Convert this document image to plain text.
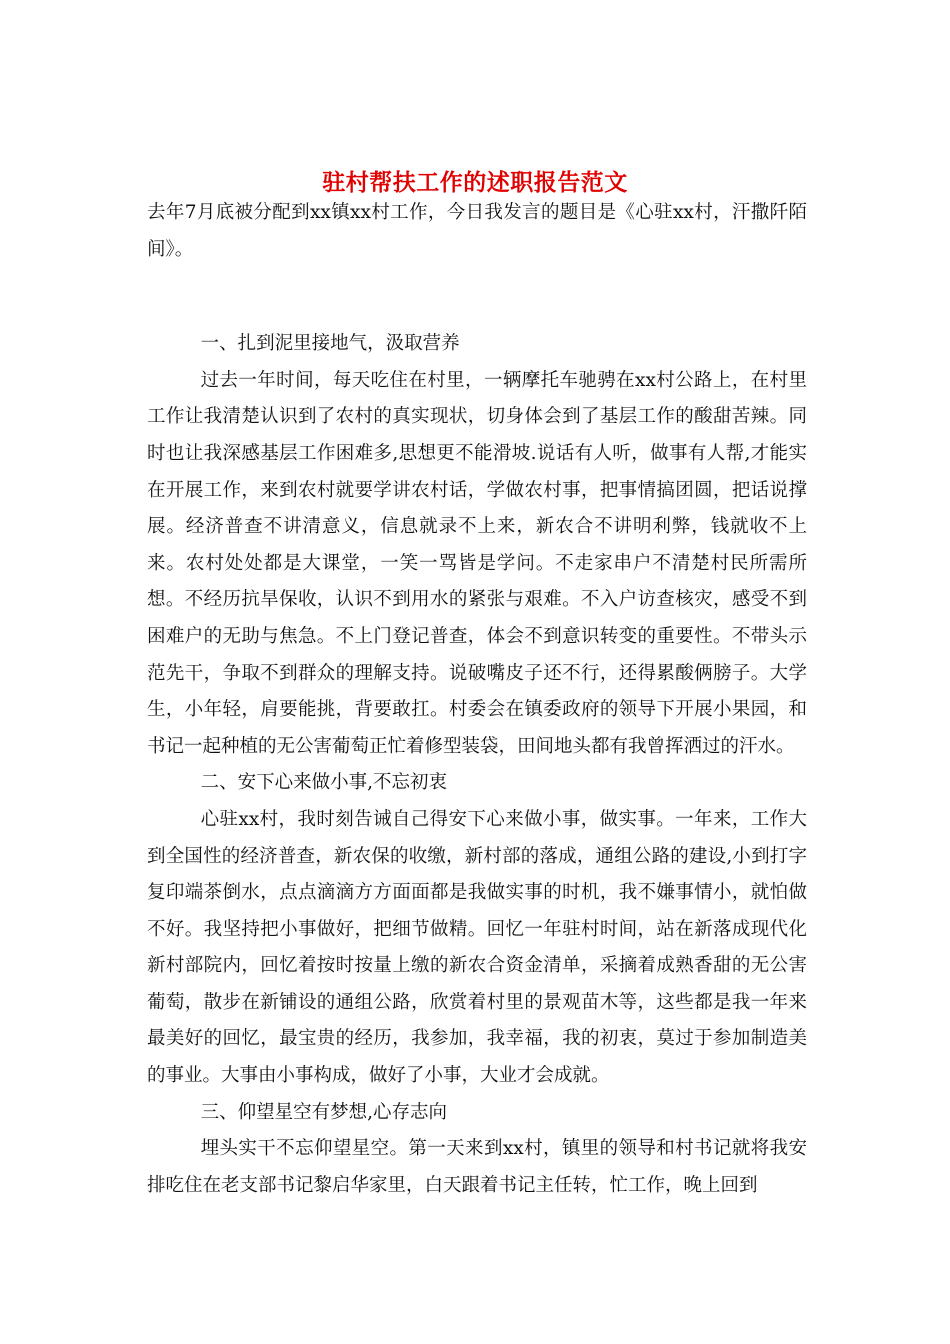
驻村帮扶工作的述职报告范文

去年7月底被分配到xx镇xx村工作，今日我发言的题目是《心驻xx村，汗撒阡陌间》。

一、扎到泥里接地气，汲取营养

过去一年时间，每天吃住在村里，一辆摩托车驰骋在xx村公路上，在村里工作让我清楚认识到了农村的真实现状，切身体会到了基层工作的酸甜苦辣。同时也让我深感基层工作困难多,思想更不能滑坡.说话有人听，做事有人帮,才能实在开展工作，来到农村就要学讲农村话，学做农村事，把事情搞团圆，把话说撑展。经济普查不讲清意义，信息就录不上来，新农合不讲明利弊，钱就收不上来。农村处处都是大课堂，一笑一骂皆是学问。不走家串户不清楚村民所需所想。不经历抗旱保收，认识不到用水的紧张与艰难。不入户访查核灾，感受不到困难户的无助与焦急。不上门登记普查，体会不到意识转变的重要性。不带头示范先干，争取不到群众的理解支持。说破嘴皮子还不行，还得累酸俩膀子。大学生，小年轻，肩要能挑，背要敢扛。村委会在镇委政府的领导下开展小果园，和书记一起种植的无公害葡萄正忙着修型装袋，田间地头都有我曾挥洒过的汗水。

二、安下心来做小事,不忘初衷

心驻xx村，我时刻告诫自己得安下心来做小事，做实事。一年来，工作大到全国性的经济普查，新农保的收缴，新村部的落成，通组公路的建设,小到打字复印端茶倒水，点点滴滴方方面面都是我做实事的时机，我不嫌事情小，就怕做不好。我坚持把小事做好，把细节做精。回忆一年驻村时间，站在新落成现代化新村部院内，回忆着按时按量上缴的新农合资金清单，采摘着成熟香甜的无公害葡萄，散步在新铺设的通组公路，欣赏着村里的景观苗木等，这些都是我一年来最美好的回忆，最宝贵的经历，我参加，我幸福，我的初衷，莫过于参加制造美的事业。大事由小事构成，做好了小事，大业才会成就。

三、仰望星空有梦想,心存志向

埋头实干不忘仰望星空。第一天来到xx村，镇里的领导和村书记就将我安排吃住在老支部书记黎启华家里，白天跟着书记主任转，忙工作，晚上回到
